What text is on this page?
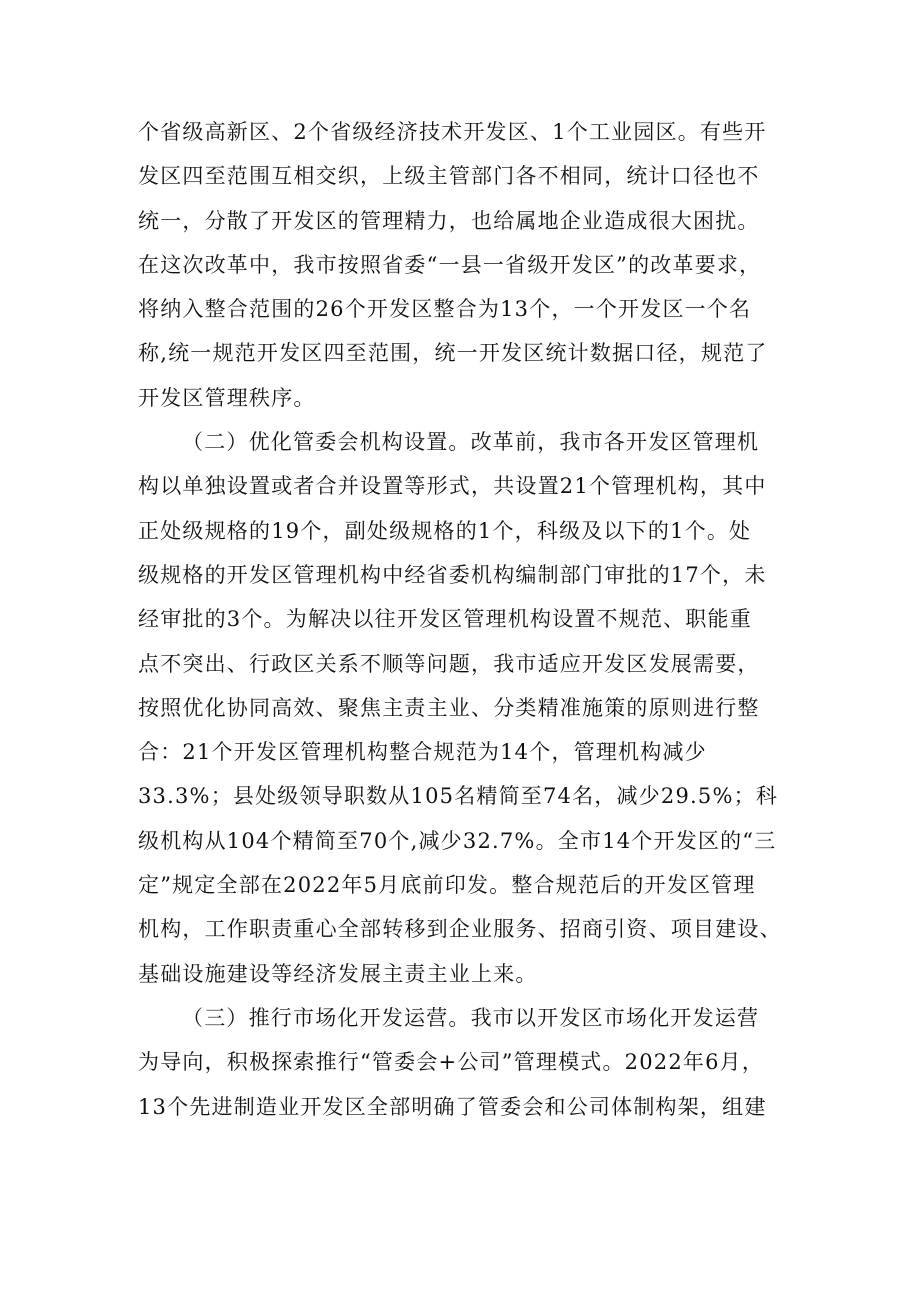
个省级高新区、2个省级经济技术开发区、1个工业园区。有些开
发区四至范围互相交织，上级主管部门各不相同，统计口径也不
统一，分散了开发区的管理精力，也给属地企业造成很大困扰。
在这次改革中，我市按照省委“一县一省级开发区”的改革要求，
将纳入整合范围的26个开发区整合为13个，一个开发区一个名
称,统一规范开发区四至范围，统一开发区统计数据口径，规范了
开发区管理秩序。

（二）优化管委会机构设置。改革前，我市各开发区管理机
构以单独设置或者合并设置等形式，共设置21个管理机构，其中
正处级规格的19个，副处级规格的1个，科级及以下的1个。处
级规格的开发区管理机构中经省委机构编制部门审批的17个，未
经审批的3个。为解决以往开发区管理机构设置不规范、职能重
点不突出、行政区关系不顺等问题，我市适应开发区发展需要，
按照优化协同高效、聚焦主责主业、分类精准施策的原则进行整
合：21个开发区管理机构整合规范为14个，管理机构减少
33.3%；县处级领导职数从105名精简至74名，减少29.5%；科
级机构从104个精简至70个,减少32.7%。全市14个开发区的“三
定”规定全部在2022年5月底前印发。整合规范后的开发区管理
机构，工作职责重心全部转移到企业服务、招商引资、项目建设、
基础设施建设等经济发展主责主业上来。

（三）推行市场化开发运营。我市以开发区市场化开发运营
为导向，积极探索推行“管委会+公司”管理模式。2022年6月，
13个先进制造业开发区全部明确了管委会和公司体制构架，组建
